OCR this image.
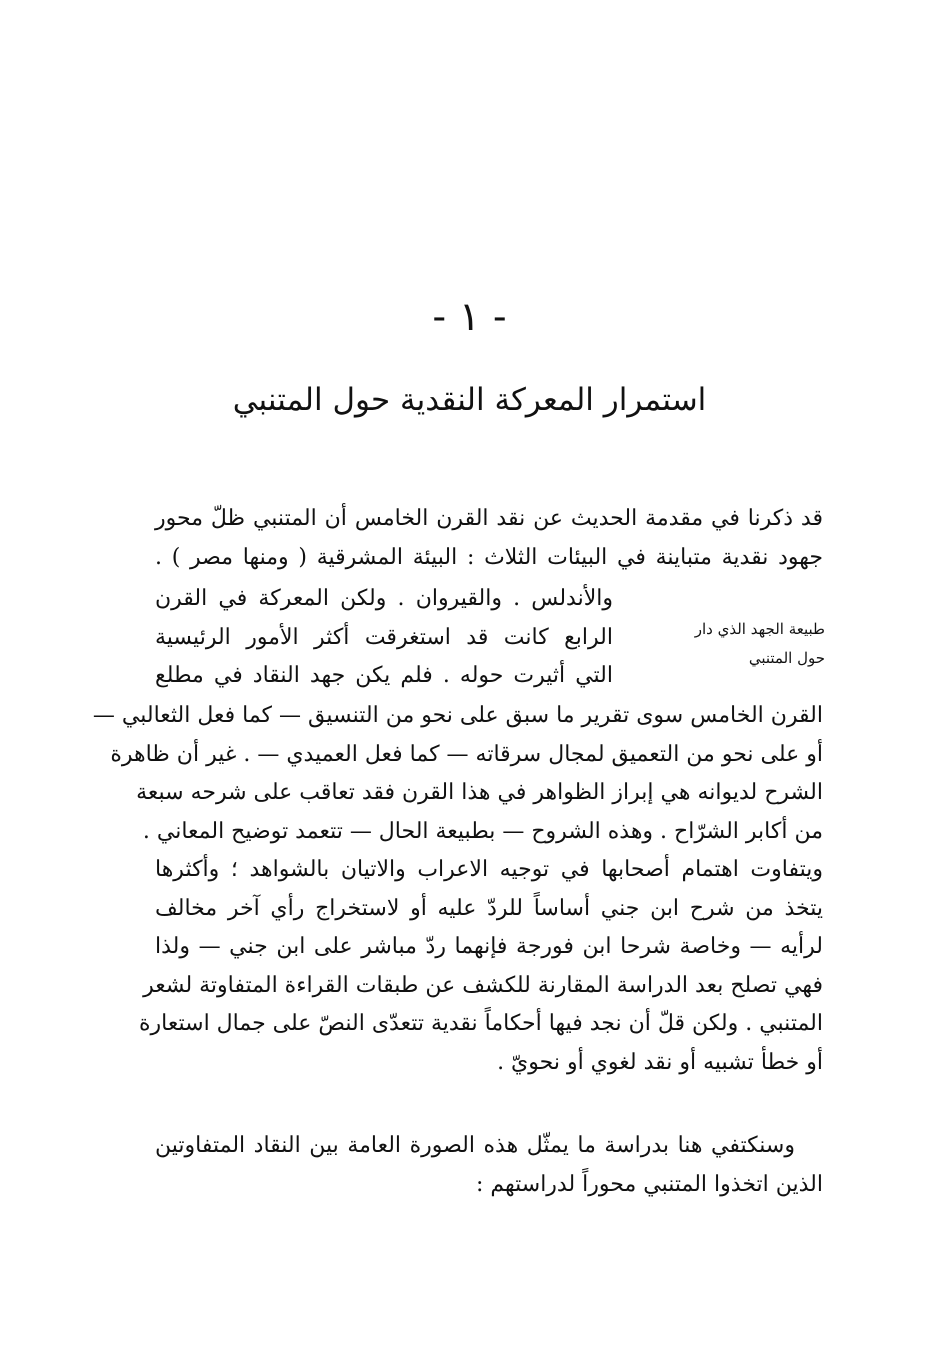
- ١ -
استمرار المعركة النقدية حول المتنبي
قد ذكرنا في مقدمة الحديث عن نقد القرن الخامس أن المتنبي ظلّ محور
جهود نقدية متباينة في البيئات الثلاث : البيئة المشرقية ( ومنها مصر ) .
والأندلس . والقيروان . ولكن المعركة في القرن
الرابع كانت قد استغرقت أكثر الأمور الرئيسية
التي أثيرت حوله . فلم يكن جهد النقاد في مطلع
طبيعة الجهد الذي دار
حول المتنبي
القرن الخامس سوى تقرير ما سبق على نحو من التنسيق — كما فعل الثعالبي —
أو على نحو من التعميق لمجال سرقاته — كما فعل العميدي — . غير أن ظاهرة
الشرح لديوانه هي إبراز الظواهر في هذا القرن فقد تعاقب على شرحه سبعة
من أكابر الشرّاح . وهذه الشروح — بطبيعة الحال — تتعمد توضيح المعاني .
ويتفاوت اهتمام أصحابها في توجيه الاعراب والاتيان بالشواهد ؛ وأكثرها
يتخذ من شرح ابن جني أساساً للردّ عليه أو لاستخراج رأي آخر مخالف
لرأيه — وخاصة شرحا ابن فورجة فإنهما ردّ مباشر على ابن جني — ولذا
فهي تصلح بعد الدراسة المقارنة للكشف عن طبقات القراءة المتفاوتة لشعر
المتنبي . ولكن قلّ أن نجد فيها أحكاماً نقدية تتعدّى النصّ على جمال استعارة
أو خطأ تشبيه أو نقد لغوي أو نحويّ .
وسنكتفي هنا بدراسة ما يمثّل هذه الصورة العامة بين النقاد المتفاوتين
الذين اتخذوا المتنبي محوراً لدراستهم :
